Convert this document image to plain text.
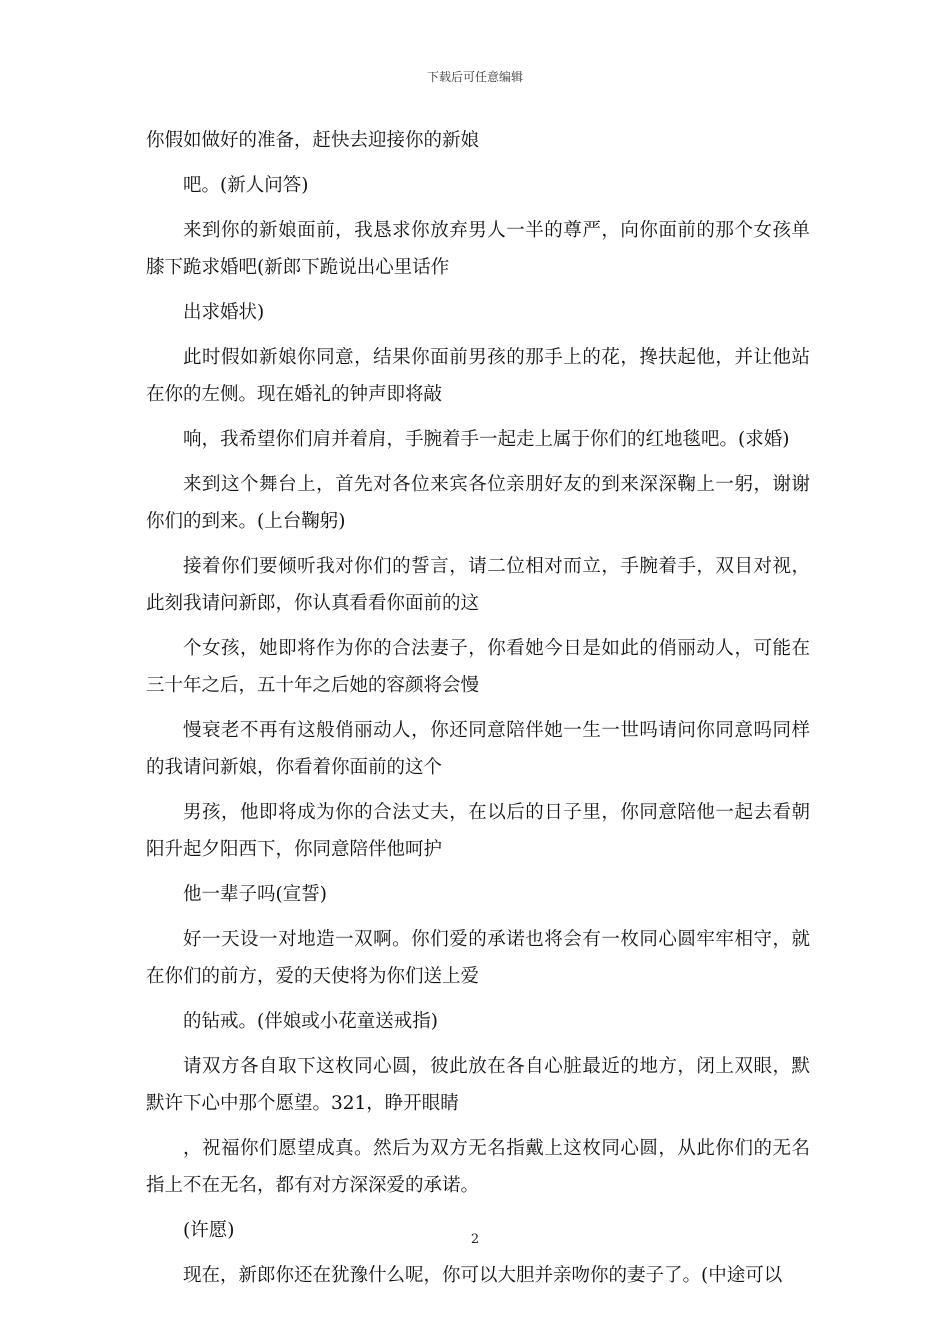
下载后可任意编辑

你假如做好的准备，赶快去迎接你的新娘

吧。(新人问答)

来到你的新娘面前，我恳求你放弃男人一半的尊严，向你面前的那个女孩单膝下跪求婚吧(新郎下跪说出心里话作

出求婚状)

此时假如新娘你同意，结果你面前男孩的那手上的花，搀扶起他，并让他站在你的左侧。现在婚礼的钟声即将敲

响，我希望你们肩并着肩，手腕着手一起走上属于你们的红地毯吧。(求婚)

来到这个舞台上，首先对各位来宾各位亲朋好友的到来深深鞠上一躬，谢谢你们的到来。(上台鞠躬)

接着你们要倾听我对你们的誓言，请二位相对而立，手腕着手，双目对视，此刻我请问新郎，你认真看看你面前的这

个女孩，她即将作为你的合法妻子，你看她今日是如此的俏丽动人，可能在三十年之后，五十年之后她的容颜将会慢

慢衰老不再有这般俏丽动人，你还同意陪伴她一生一世吗请问你同意吗同样的我请问新娘，你看着你面前的这个

男孩，他即将成为你的合法丈夫，在以后的日子里，你同意陪他一起去看朝阳升起夕阳西下，你同意陪伴他呵护

他一辈子吗(宣誓)

好一天设一对地造一双啊。你们爱的承诺也将会有一枚同心圆牢牢相守，就在你们的前方，爱的天使将为你们送上爱

的钻戒。(伴娘或小花童送戒指)

请双方各自取下这枚同心圆，彼此放在各自心脏最近的地方，闭上双眼，默默许下心中那个愿望。321，睁开眼睛

，祝福你们愿望成真。然后为双方无名指戴上这枚同心圆，从此你们的无名指上不在无名，都有对方深深爱的承诺。

(许愿)

现在，新郎你还在犹豫什么呢，你可以大胆并亲吻你的妻子了。(中途可以

2
